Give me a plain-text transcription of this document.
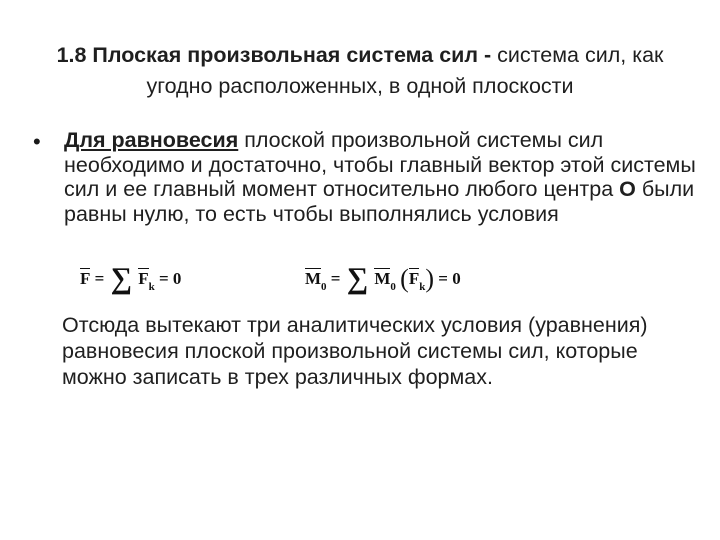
1.8 Плоская произвольная система сил - система сил, как угодно расположенных, в одной плоскости
• Для равновесия плоской произвольной системы сил необходимо и достаточно, чтобы главный вектор этой системы сил и ее главный момент относительно любого центра О были равны нулю, то есть чтобы выполнялись условия
F = ∑ Fk = 0	M0 = ∑ M0 (Fk) = 0
Отсюда вытекают три аналитических условия (уравнения) равновесия плоской произвольной системы сил, которые можно записать в трех различных формах.
